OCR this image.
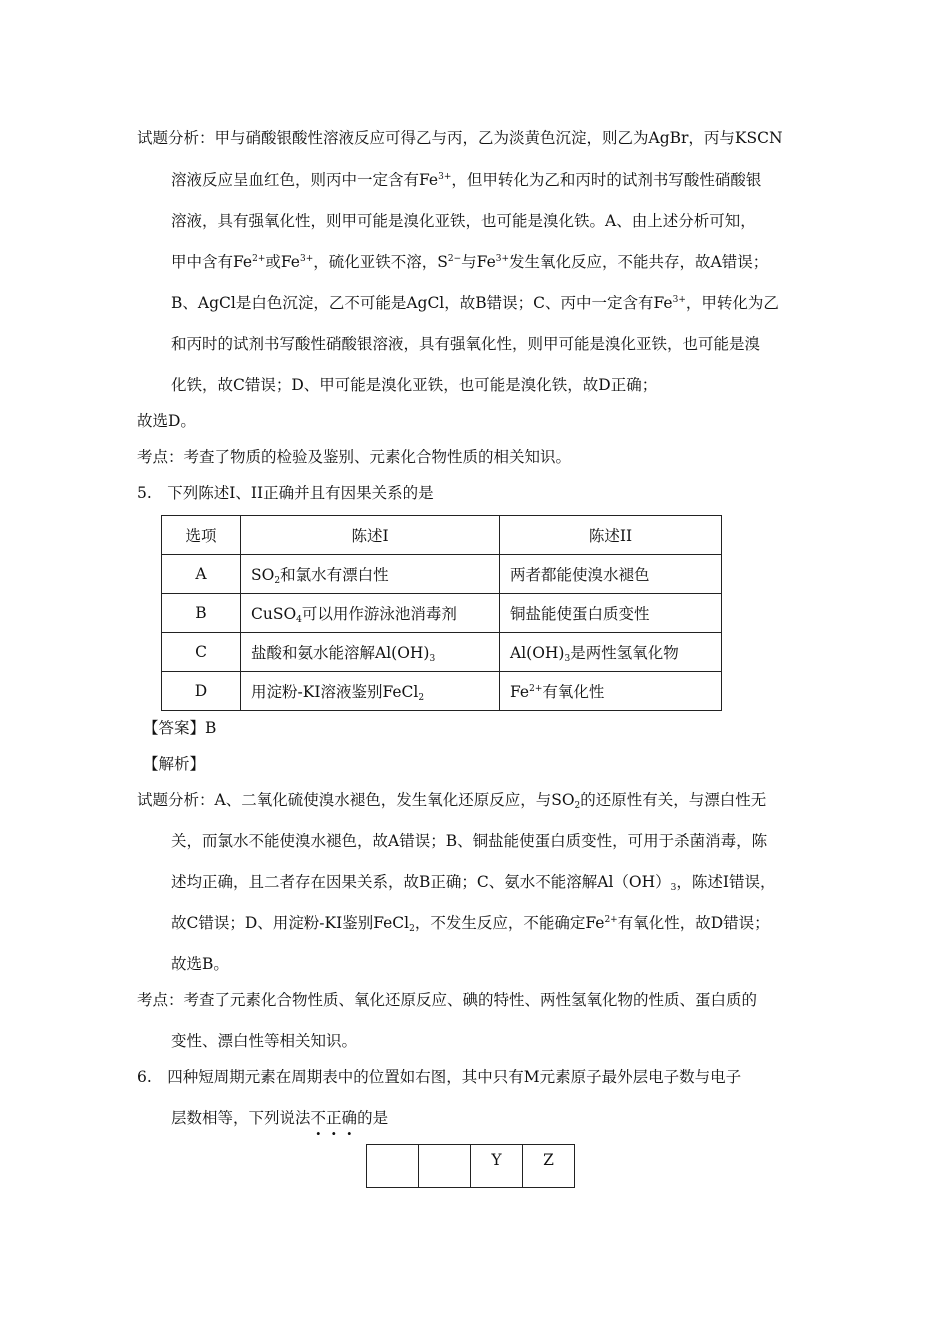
试题分析：甲与硝酸银酸性溶液反应可得乙与丙，乙为淡黄色沉淀，则乙为AgBr，丙与KSCN
溶液反应呈血红色，则丙中一定含有$Fe^{3+}$，但甲转化为乙和丙时的试剂书写酸性硝酸银
溶液，具有强氧化性，则甲可能是溴化亚铁，也可能是溴化铁。A、由上述分析可知，
甲中含有$Fe^{2+}$或$Fe^{3+}$，硫化亚铁不溶，$S^{2-}$与$Fe^{3+}$发生氧化反应，不能共存，故A错误；
B、AgCl是白色沉淀，乙不可能是AgCl，故B错误；C、丙中一定含有$Fe^{3+}$，甲转化为乙
和丙时的试剂书写酸性硝酸银溶液，具有强氧化性，则甲可能是溴化亚铁，也可能是溴
化铁，故C错误；D、甲可能是溴化亚铁，也可能是溴化铁，故D正确；
故选D。
考点：考查了物质的检验及鉴别、元素化合物性质的相关知识。
5.　下列陈述Ⅰ、II正确并且有因果关系的是
选项	陈述Ⅰ	陈述II
A	$SO_2$和氯水有漂白性	两者都能使溴水褪色
B	CuSO$_4$可以用作游泳池消毒剂	铜盐能使蛋白质变性
C	盐酸和氨水能溶解$Al(OH)_3$	$Al(OH)_3$是两性氢氧化物
D	用淀粉-KI溶液鉴别FeCl$_2$	$Fe^{2+}$有氧化性
【答案】B
【解析】
试题分析：A、二氧化硫使溴水褪色，发生氧化还原反应，与$SO_2$的还原性有关，与漂白性无
关，而氯水不能使溴水褪色，故A错误；B、铜盐能使蛋白质变性，可用于杀菌消毒，陈
述均正确，且二者存在因果关系，故B正确；C、氨水不能溶解$Al(OH)_3$，陈述Ⅰ错误，
故C错误；D、用淀粉-KI鉴别FeCl$_2$，不发生反应，不能确定$Fe^{2+}$有氧化性，故D错误；
故选B。
考点：考查了元素化合物性质、氧化还原反应、碘的特性、两性氢氧化物的性质、蛋白质的
变性、漂白性等相关知识。
6.　四种短周期元素在周期表中的位置如右图，其中只有M元素原子最外层电子数与电子
层数相等，下列说法不正确的是
		Y	Z
